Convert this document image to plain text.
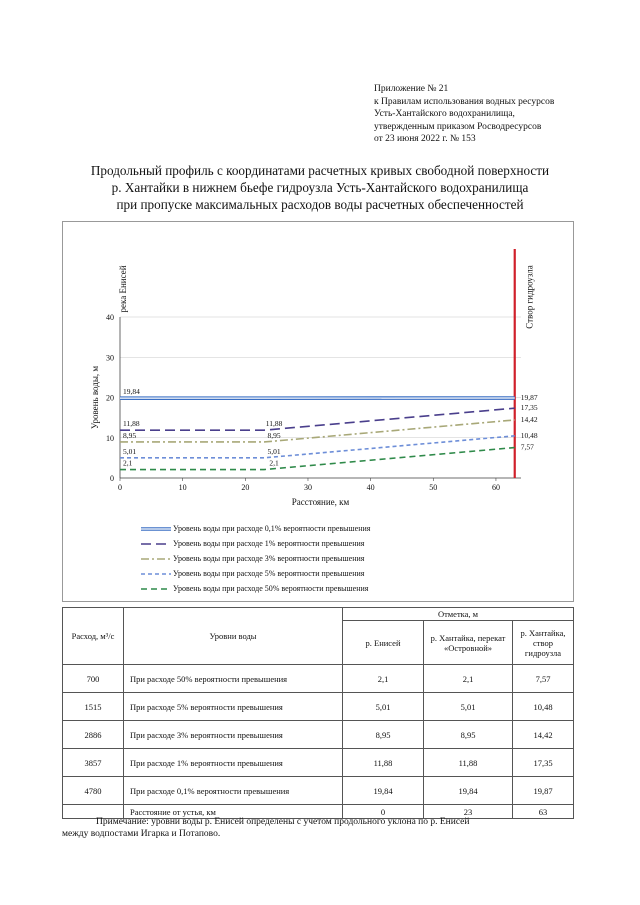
Приложение № 21
к Правилам использования водных ресурсов
Усть-Хантайского водохранилища,
утвержденным приказом Росводресурсов
от 23 июня 2022 г. № 153
Продольный профиль с координатами расчетных кривых свободной поверхности
р. Хантайки в нижнем бьефе гидроузла Усть-Хантайского водохранилища
при пропуске максимальных расходов воды расчетных обеспеченностей
0
10
20
30
40
0	10	20	30	40	50	60
Расстояние, км
Уровень воды, м
река Енисей	Створ гидроузла
19,84
19,87
11,88	11,88
17,35
8,95	8,95
14,42
5,01	5,01
10,48
2,1	2,1
7,57
Уровень воды при расходе 0,1% вероятности превышения
Уровень воды при расходе 1% вероятности превышения
Уровень воды при расходе 3% вероятности превышения
Уровень воды при расходе 5% вероятности превышения
Уровень воды при расходе 50% вероятности превышения
Расход, м³/с	Уровни воды	Отметка, м		
		р. Енисей	р. Хантайка, перекат «Островной»	р. Хантайка, створ гидроузла
700	При расходе 50% вероятности превышения	2,1	2,1	7,57
1515	При расходе 5% вероятности превышения	5,01	5,01	10,48
2886	При расходе 3% вероятности превышения	8,95	8,95	14,42
3857	При расходе 1% вероятности превышения	11,88	11,88	17,35
4780	При расходе 0,1% вероятности превышения	19,84	19,84	19,87
	Расстояние от устья, км	0	23	63
Примечание: уровни воды р. Енисей определены с учетом продольного уклона по р. Енисей
между водпостами Игарка и Потапово.
